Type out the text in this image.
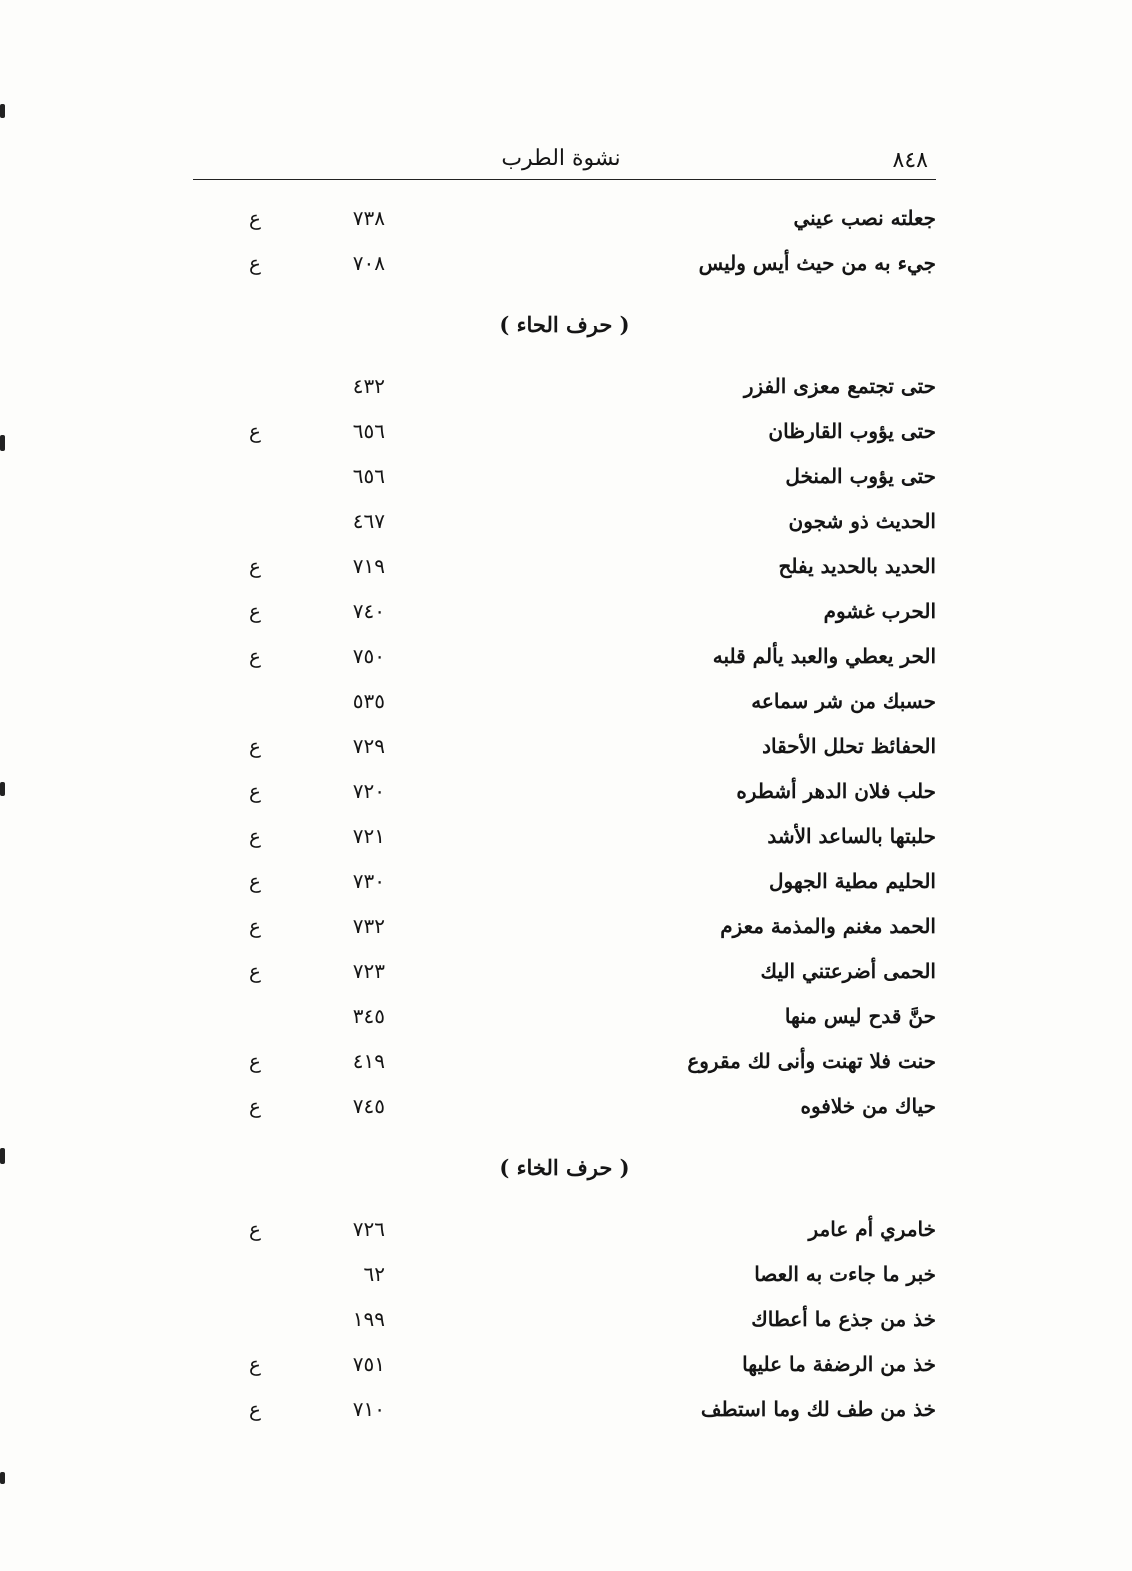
٨٤٨
نشوة الطرب
جعلته نصب عيني
٧٣٨
ع
جيء به من حيث أيس وليس
٧٠٨
ع
( حرف الحاء )
حتى تجتمع معزى الفزر
٤٣٢
حتى يؤوب القارظان
٦٥٦
ع
حتى يؤوب المنخل
٦٥٦
الحديث ذو شجون
٤٦٧
الحديد بالحديد يفلح
٧١٩
ع
الحرب غشوم
٧٤٠
ع
الحر يعطي والعبد يألم قلبه
٧٥٠
ع
حسبك من شر سماعه
٥٣٥
الحفائظ تحلل الأحقاد
٧٢٩
ع
حلب فلان الدهر أشطره
٧٢٠
ع
حلبتها بالساعد الأشد
٧٢١
ع
الحليم مطية الجهول
٧٣٠
ع
الحمد مغنم والمذمة معزم
٧٣٢
ع
الحمى أضرعتني اليك
٧٢٣
ع
حنَّ قدح ليس منها
٣٤٥
حنت فلا تهنت وأنى لك مقروع
٤١٩
ع
حياك من خلافوه
٧٤٥
ع
( حرف الخاء )
خامري أم عامر
٧٢٦
ع
خبر ما جاءت به العصا
٦٢
خذ من جذع ما أعطاك
١٩٩
خذ من الرضفة ما عليها
٧٥١
ع
خذ من طف لك وما استطف
٧١٠
ع
